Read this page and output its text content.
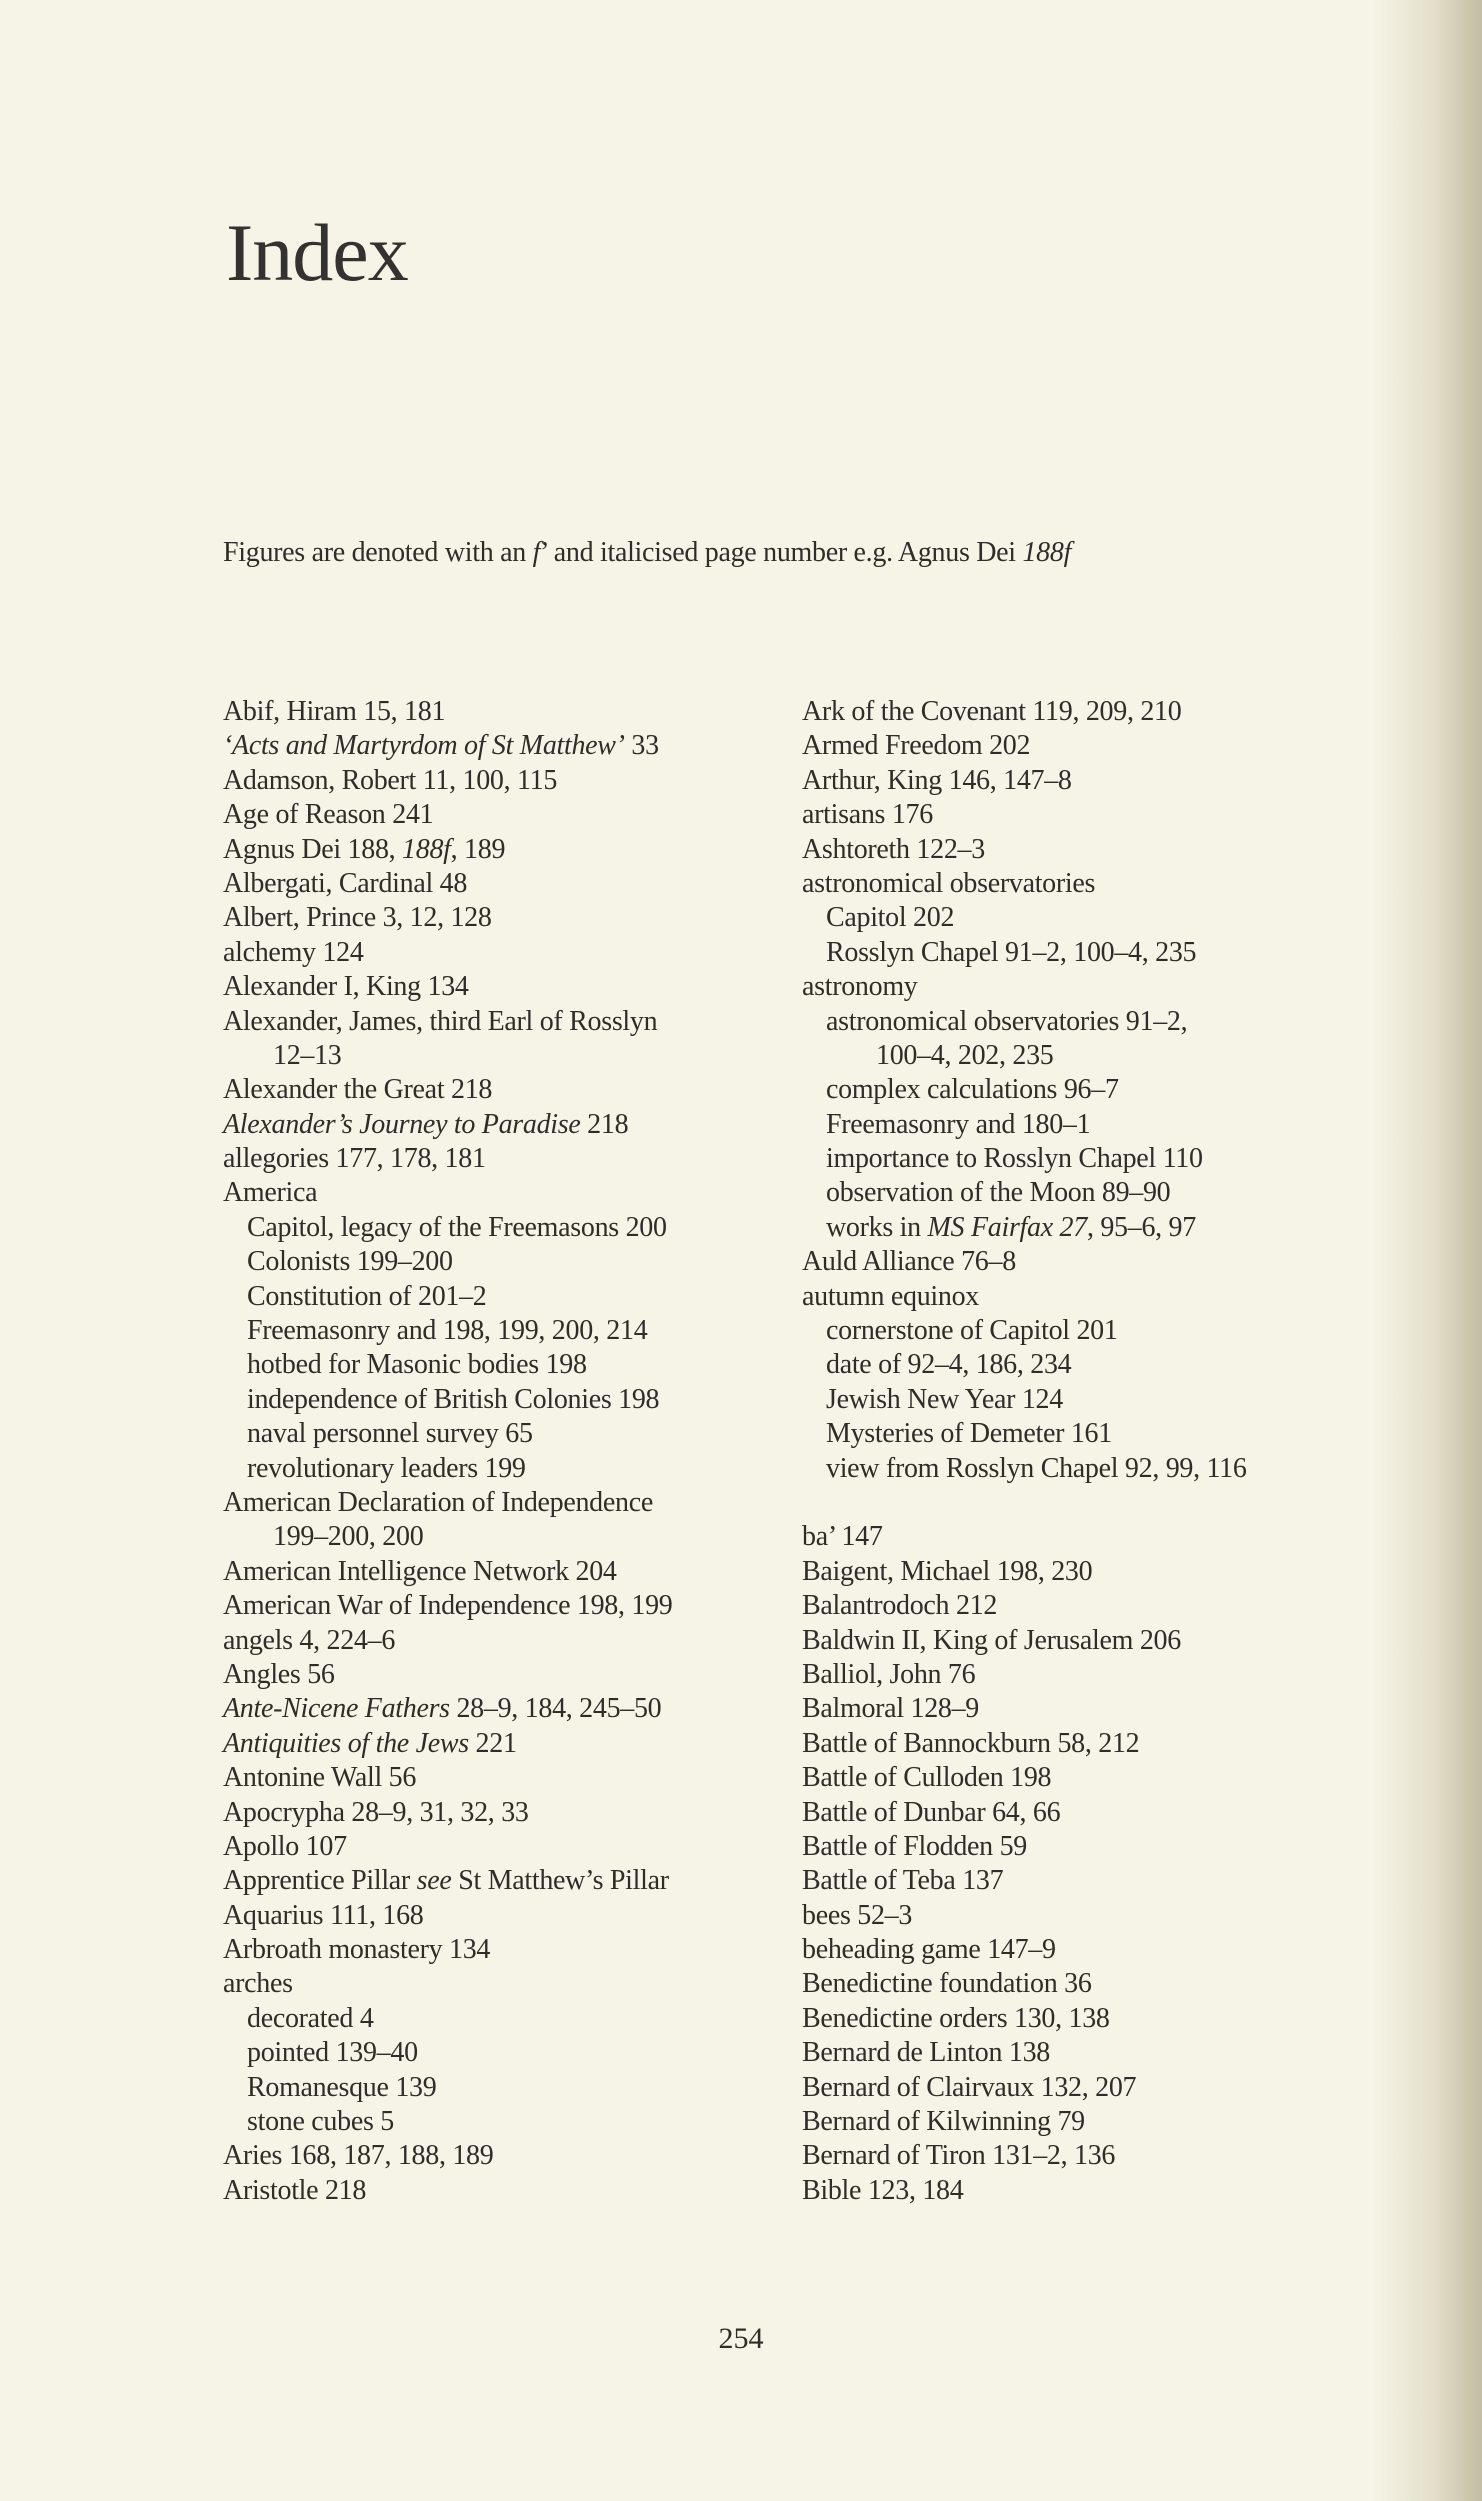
Index

Figures are denoted with an f’ and italicised page number e.g. Agnus Dei 188f

Abif, Hiram 15, 181
‘Acts and Martyrdom of St Matthew’ 33
Adamson, Robert 11, 100, 115
Age of Reason 241
Agnus Dei 188, 188f, 189
Albergati, Cardinal 48
Albert, Prince 3, 12, 128
alchemy 124
Alexander I, King 134
Alexander, James, third Earl of Rosslyn
12–13
Alexander the Great 218
Alexander’s Journey to Paradise 218
allegories 177, 178, 181
America
Capitol, legacy of the Freemasons 200
Colonists 199–200
Constitution of 201–2
Freemasonry and 198, 199, 200, 214
hotbed for Masonic bodies 198
independence of British Colonies 198
naval personnel survey 65
revolutionary leaders 199
American Declaration of Independence
199–200, 200
American Intelligence Network 204
American War of Independence 198, 199
angels 4, 224–6
Angles 56
Ante-Nicene Fathers 28–9, 184, 245–50
Antiquities of the Jews 221
Antonine Wall 56
Apocrypha 28–9, 31, 32, 33
Apollo 107
Apprentice Pillar see St Matthew’s Pillar
Aquarius 111, 168
Arbroath monastery 134
arches
decorated 4
pointed 139–40
Romanesque 139
stone cubes 5
Aries 168, 187, 188, 189
Aristotle 218
Ark of the Covenant 119, 209, 210
Armed Freedom 202
Arthur, King 146, 147–8
artisans 176
Ashtoreth 122–3
astronomical observatories
Capitol 202
Rosslyn Chapel 91–2, 100–4, 235
astronomy
astronomical observatories 91–2,
100–4, 202, 235
complex calculations 96–7
Freemasonry and 180–1
importance to Rosslyn Chapel 110
observation of the Moon 89–90
works in MS Fairfax 27, 95–6, 97
Auld Alliance 76–8
autumn equinox
cornerstone of Capitol 201
date of 92–4, 186, 234
Jewish New Year 124
Mysteries of Demeter 161
view from Rosslyn Chapel 92, 99, 116
ba’ 147
Baigent, Michael 198, 230
Balantrodoch 212
Baldwin II, King of Jerusalem 206
Balliol, John 76
Balmoral 128–9
Battle of Bannockburn 58, 212
Battle of Culloden 198
Battle of Dunbar 64, 66
Battle of Flodden 59
Battle of Teba 137
bees 52–3
beheading game 147–9
Benedictine foundation 36
Benedictine orders 130, 138
Bernard de Linton 138
Bernard of Clairvaux 132, 207
Bernard of Kilwinning 79
Bernard of Tiron 131–2, 136
Bible 123, 184
254
